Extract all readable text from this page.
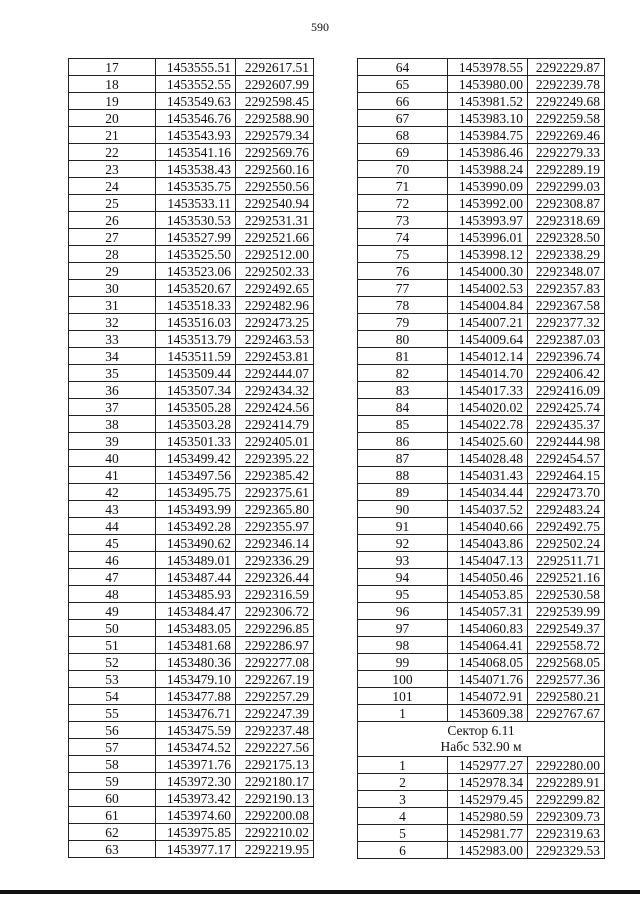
590
17	1453555.51	2292617.51
18	1453552.55	2292607.99
19	1453549.63	2292598.45
20	1453546.76	2292588.90
21	1453543.93	2292579.34
22	1453541.16	2292569.76
23	1453538.43	2292560.16
24	1453535.75	2292550.56
25	1453533.11	2292540.94
26	1453530.53	2292531.31
27	1453527.99	2292521.66
28	1453525.50	2292512.00
29	1453523.06	2292502.33
30	1453520.67	2292492.65
31	1453518.33	2292482.96
32	1453516.03	2292473.25
33	1453513.79	2292463.53
34	1453511.59	2292453.81
35	1453509.44	2292444.07
36	1453507.34	2292434.32
37	1453505.28	2292424.56
38	1453503.28	2292414.79
39	1453501.33	2292405.01
40	1453499.42	2292395.22
41	1453497.56	2292385.42
42	1453495.75	2292375.61
43	1453493.99	2292365.80
44	1453492.28	2292355.97
45	1453490.62	2292346.14
46	1453489.01	2292336.29
47	1453487.44	2292326.44
48	1453485.93	2292316.59
49	1453484.47	2292306.72
50	1453483.05	2292296.85
51	1453481.68	2292286.97
52	1453480.36	2292277.08
53	1453479.10	2292267.19
54	1453477.88	2292257.29
55	1453476.71	2292247.39
56	1453475.59	2292237.48
57	1453474.52	2292227.56
58	1453971.76	2292175.13
59	1453972.30	2292180.17
60	1453973.42	2292190.13
61	1453974.60	2292200.08
62	1453975.85	2292210.02
63	1453977.17	2292219.95
64	1453978.55	2292229.87
65	1453980.00	2292239.78
66	1453981.52	2292249.68
67	1453983.10	2292259.58
68	1453984.75	2292269.46
69	1453986.46	2292279.33
70	1453988.24	2292289.19
71	1453990.09	2292299.03
72	1453992.00	2292308.87
73	1453993.97	2292318.69
74	1453996.01	2292328.50
75	1453998.12	2292338.29
76	1454000.30	2292348.07
77	1454002.53	2292357.83
78	1454004.84	2292367.58
79	1454007.21	2292377.32
80	1454009.64	2292387.03
81	1454012.14	2292396.74
82	1454014.70	2292406.42
83	1454017.33	2292416.09
84	1454020.02	2292425.74
85	1454022.78	2292435.37
86	1454025.60	2292444.98
87	1454028.48	2292454.57
88	1454031.43	2292464.15
89	1454034.44	2292473.70
90	1454037.52	2292483.24
91	1454040.66	2292492.75
92	1454043.86	2292502.24
93	1454047.13	2292511.71
94	1454050.46	2292521.16
95	1454053.85	2292530.58
96	1454057.31	2292539.99
97	1454060.83	2292549.37
98	1454064.41	2292558.72
99	1454068.05	2292568.05
100	1454071.76	2292577.36
101	1454072.91	2292580.21
1	1453609.38	2292767.67

Сектор 6.11
Набс 532.90 м		

1	1452977.27	2292280.00
2	1452978.34	2292289.91
3	1452979.45	2292299.82
4	1452980.59	2292309.73
5	1452981.77	2292319.63
6	1452983.00	2292329.53
